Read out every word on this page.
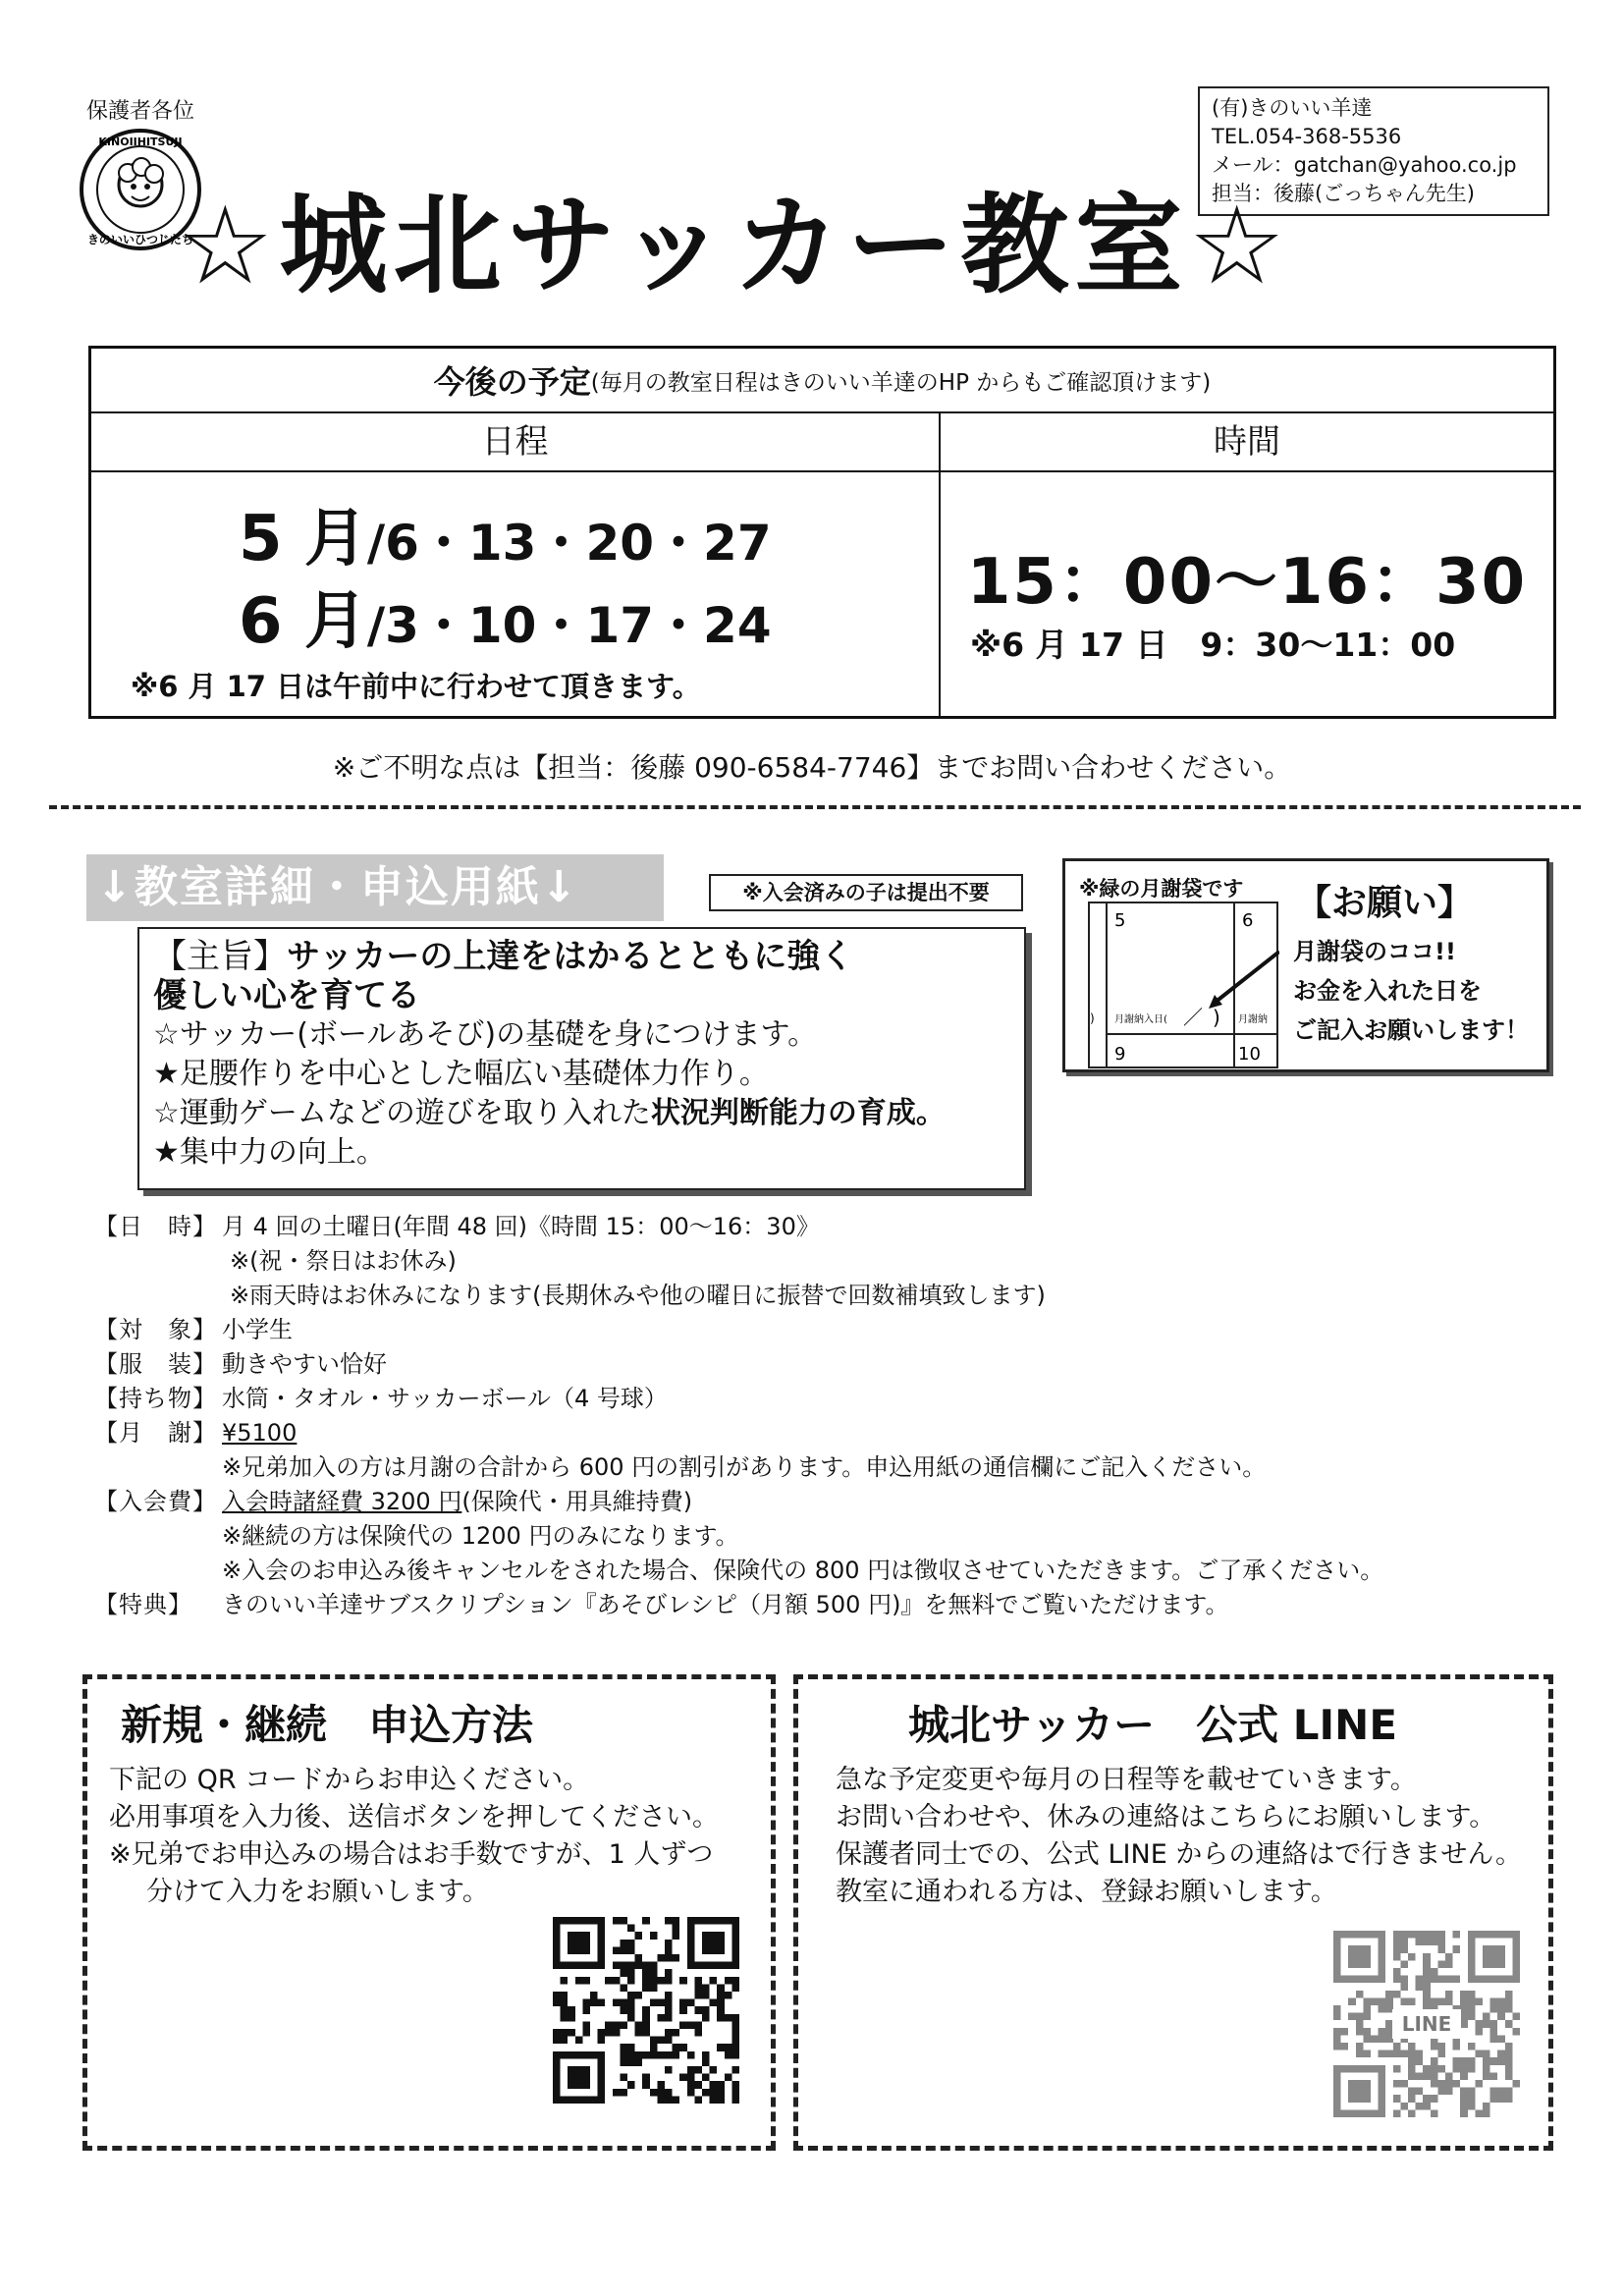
保護者各位
KINOIIHITSUJI
きのいいひつじたち
(有)きのいい羊達
TEL.054-368-5536
メール：gatchan@yahoo.co.jp
担当：後藤(ごっちゃん先生)
☆城北サッカー教室☆
今後の予定 (毎月の教室日程はきのいい羊達のHP からもご確認頂けます)
日程	時間
5 月/6・13・20・27
6 月/3・10・17・24
※6 月 17 日は午前中に行わせて頂きます。
15：00～16：30
※6 月 17 日　9：30～11：00
※ご不明な点は【担当：後藤 090-6584-7746】までお問い合わせください。
↓教室詳細・申込用紙↓	※入会済みの子は提出不要
【主旨】サッカーの上達をはかるとともに強く
優しい心を育てる
☆サッカー(ボールあそび)の基礎を身につけます。
★足腰作りを中心とした幅広い基礎体力作り。
☆運動ゲームなどの遊びを取り入れた状況判断能力の育成。
★集中力の向上。
※緑の月謝袋です
5	6
9	10
月謝納入日( ／ )
)	月謝納
【お願い】
月謝袋のココ!!
お金を入れた日を
ご記入お願いします！
【日　時】 月 4 回の土曜日(年間 48 回)《時間 15：00～16：30》
※(祝・祭日はお休み)
※雨天時はお休みになります(長期休みや他の曜日に振替で回数補填致します)
【対　象】 小学生
【服　装】 動きやすい恰好
【持ち物】 水筒・タオル・サッカーボール（4 号球）
【月　謝】 ¥5100
※兄弟加入の方は月謝の合計から 600 円の割引があります。申込用紙の通信欄にご記入ください。
【入会費】 入会時諸経費 3200 円(保険代・用具維持費)
※継続の方は保険代の 1200 円のみになります。
※入会のお申込み後キャンセルをされた場合、保険代の 800 円は徴収させていただきます。ご了承ください。
【特典】	きのいい羊達サブスクリプション『あそびレシピ（月額 500 円)』を無料でご覧いただけます。
新規・継続　申込方法
下記の QR コードからお申込ください。
必用事項を入力後、送信ボタンを押してください。
※兄弟でお申込みの場合はお手数ですが、1 人ずつ
分けて入力をお願いします。
城北サッカー　公式 LINE
急な予定変更や毎月の日程等を載せていきます。
お問い合わせや、休みの連絡はこちらにお願いします。
保護者同士での、公式 LINE からの連絡はで行きません。
教室に通われる方は、登録お願いします。
LINE
